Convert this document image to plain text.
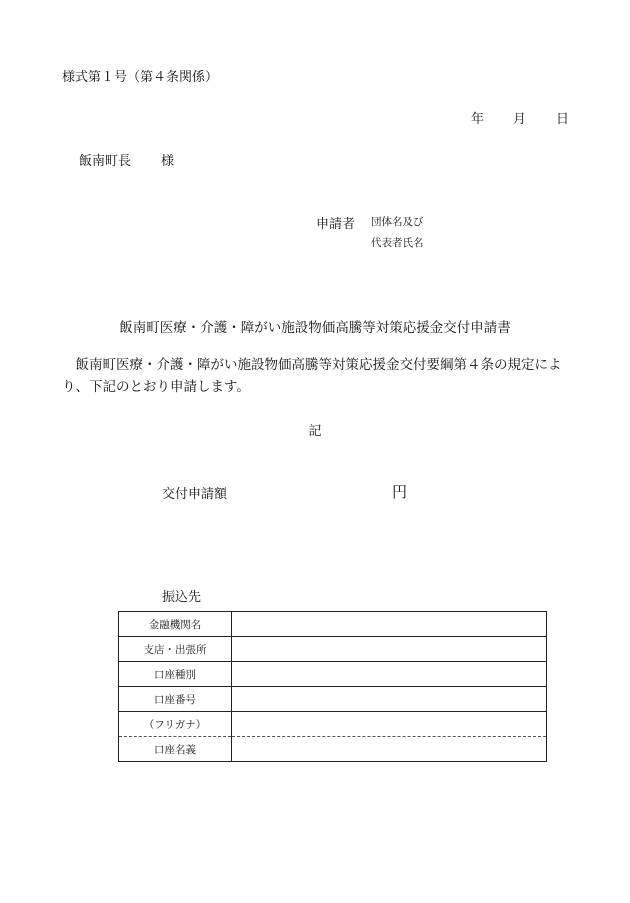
様式第１号（第４条関係）
年 月 日
飯南町長 様
申請者 団体名及び
代表者氏名
飯南町医療・介護・障がい施設物価高騰等対策応援金交付申請書
飯南町医療・介護・障がい施設物価高騰等対策応援金交付要綱第４条の規定により、下記のとおり申請します。
記
交付申請額	円
振込先
金融機関名	
支店・出張所	
口座種別	
口座番号	
（フリガナ）	
口座名義	
